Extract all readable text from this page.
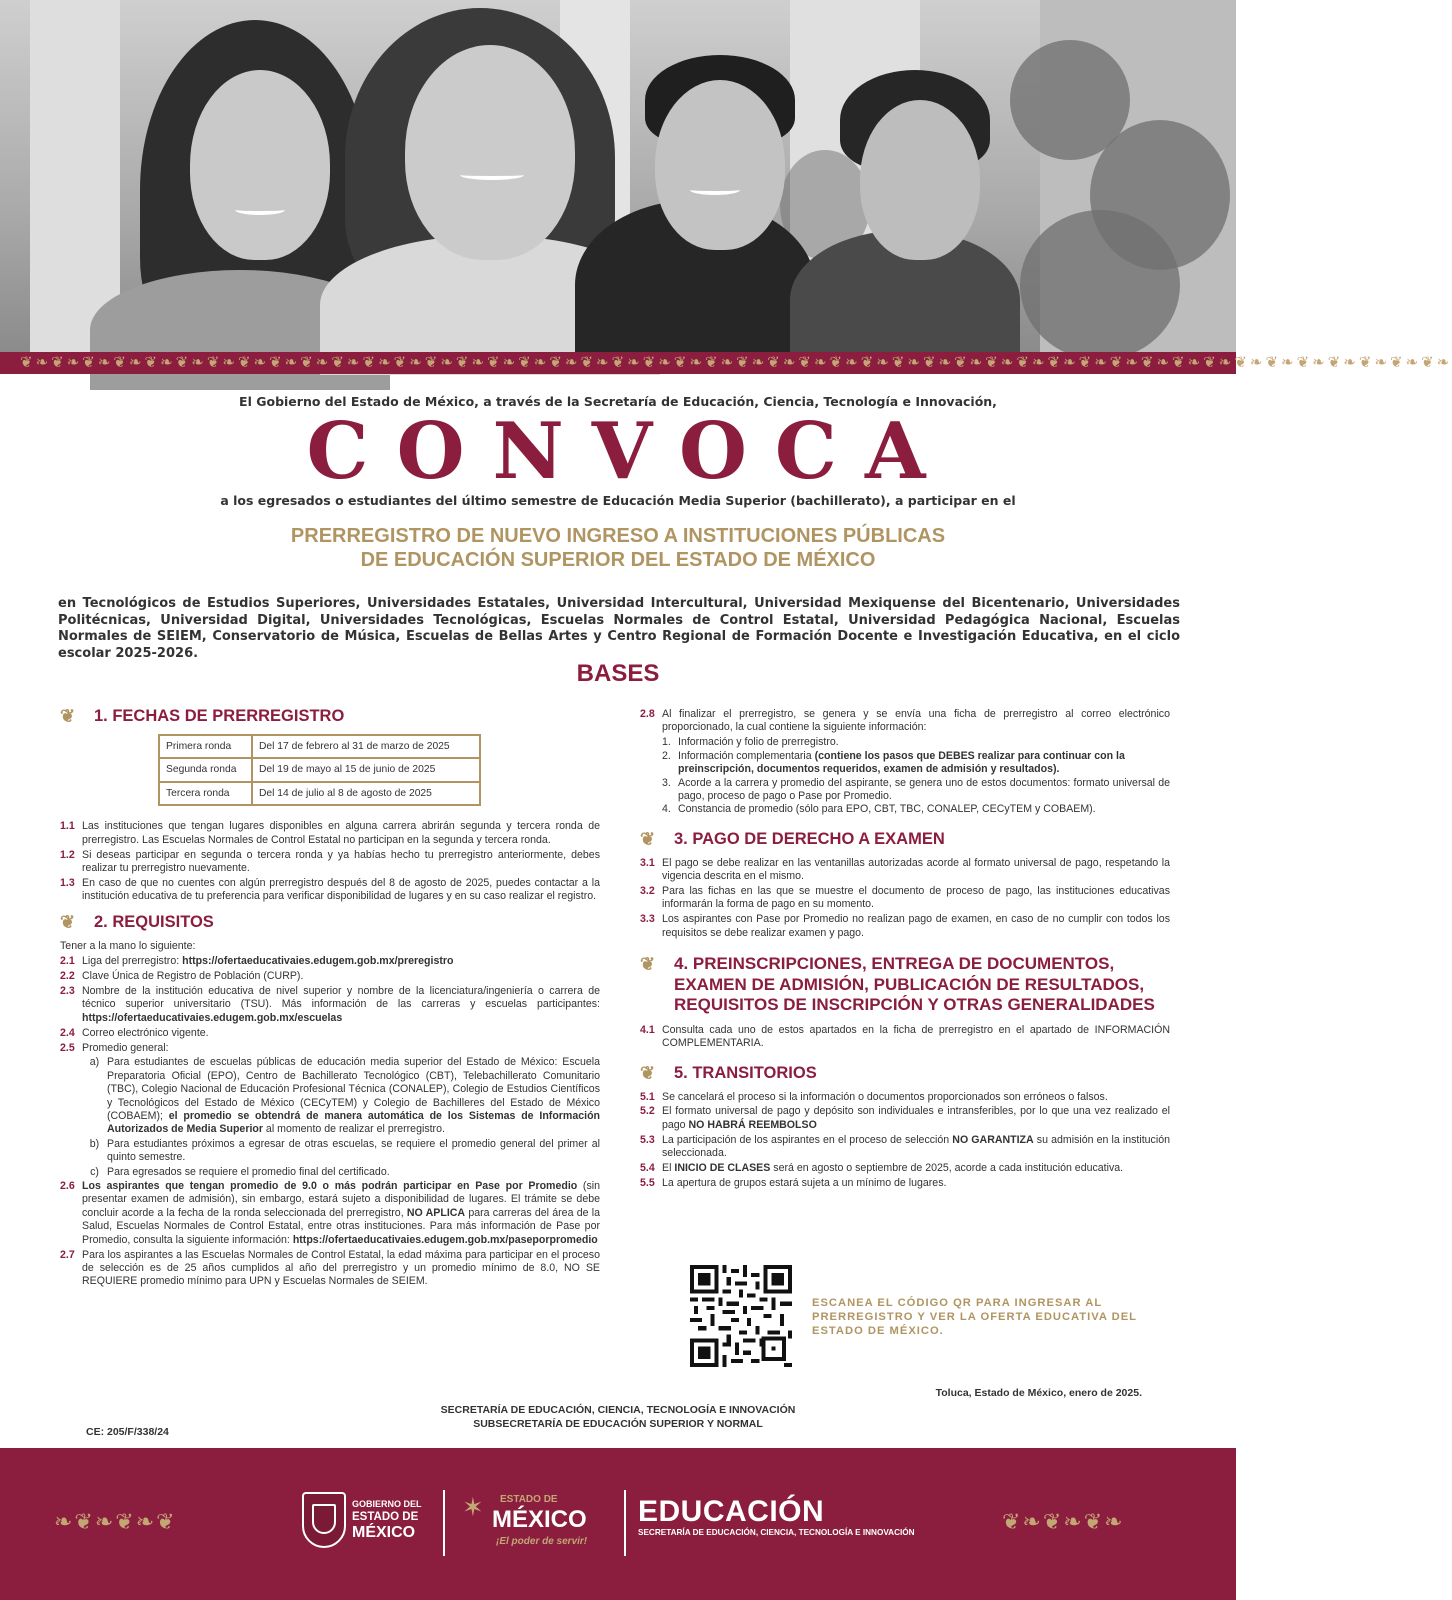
❦❧❦❧❦❧❦❧❦❧❦❧❦❧❦❧❦❧❦❧❦❧❦❧❦❧❦❧❦❧❦❧❦❧❦❧❦❧❦❧❦❧❦❧❦❧❦❧❦❧❦❧❦❧❦❧❦❧❦❧❦❧❦❧❦❧❦❧❦❧❦❧❦❧❦❧❦❧❦❧❦❧❦❧❦❧❦❧❦❧❦❧
El Gobierno del Estado de México, a través de la Secretaría de Educación, Ciencia, Tecnología e Innovación,
CONVOCA
a los egresados o estudiantes del último semestre de Educación Media Superior (bachillerato), a participar en el
PRERREGISTRO DE NUEVO INGRESO A INSTITUCIONES PÚBLICAS
DE EDUCACIÓN SUPERIOR DEL ESTADO DE MÉXICO
en Tecnológicos de Estudios Superiores, Universidades Estatales, Universidad Intercultural, Universidad Mexiquense del Bicentenario, Universidades Politécnicas, Universidad Digital, Universidades Tecnológicas, Escuelas Normales de Control Estatal, Universidad Pedagógica Nacional, Escuelas Normales de SEIEM, Conservatorio de Música, Escuelas de Bellas Artes y Centro Regional de Formación Docente e Investigación Educativa, en el ciclo escolar 2025-2026.
BASES
❦	1. FECHAS DE PRERREGISTRO
Primera ronda	Del 17 de febrero al 31 de marzo de 2025
Segunda ronda	Del 19 de mayo al 15 de junio de 2025
Tercera ronda	Del 14 de julio al 8 de agosto de 2025
1.1 Las instituciones que tengan lugares disponibles en alguna carrera abrirán segunda y tercera ronda de prerregistro. Las Escuelas Normales de Control Estatal no participan en la segunda y tercera ronda.
1.2 Si deseas participar en segunda o tercera ronda y ya habías hecho tu prerregistro anteriormente, debes realizar tu prerregistro nuevamente.
1.3 En caso de que no cuentes con algún prerregistro después del 8 de agosto de 2025, puedes contactar a la institución educativa de tu preferencia para verificar disponibilidad de lugares y en su caso realizar el registro.
❦	2. REQUISITOS
Tener a la mano lo siguiente:
2.1 Liga del prerregistro: https://ofertaeducativaies.edugem.gob.mx/preregistro
2.2 Clave Única de Registro de Población (CURP).
2.3 Nombre de la institución educativa de nivel superior y nombre de la licenciatura/ingeniería o carrera de técnico superior universitario (TSU). Más información de las carreras y escuelas participantes: https://ofertaeducativaies.edugem.gob.mx/escuelas
2.4 Correo electrónico vigente.
2.5 Promedio general:
a) Para estudiantes de escuelas públicas de educación media superior del Estado de México: Escuela Preparatoria Oficial (EPO), Centro de Bachillerato Tecnológico (CBT), Telebachillerato Comunitario (TBC), Colegio Nacional de Educación Profesional Técnica (CONALEP), Colegio de Estudios Científicos y Tecnológicos del Estado de México (CECyTEM) y Colegio de Bachilleres del Estado de México (COBAEM); el promedio se obtendrá de manera automática de los Sistemas de Información Autorizados de Media Superior al momento de realizar el prerregistro.
b) Para estudiantes próximos a egresar de otras escuelas, se requiere el promedio general del primer al quinto semestre.
c) Para egresados se requiere el promedio final del certificado.
2.6 Los aspirantes que tengan promedio de 9.0 o más podrán participar en Pase por Promedio (sin presentar examen de admisión), sin embargo, estará sujeto a disponibilidad de lugares. El trámite se debe concluir acorde a la fecha de la ronda seleccionada del prerregistro, NO APLICA para carreras del área de la Salud, Escuelas Normales de Control Estatal, entre otras instituciones. Para más información de Pase por Promedio, consulta la siguiente información: https://ofertaeducativaies.edugem.gob.mx/paseporpromedio
2.7 Para los aspirantes a las Escuelas Normales de Control Estatal, la edad máxima para participar en el proceso de selección es de 25 años cumplidos al año del prerregistro y un promedio mínimo de 8.0, NO SE REQUIERE promedio mínimo para UPN y Escuelas Normales de SEIEM.
2.8 Al finalizar el prerregistro, se genera y se envía una ficha de prerregistro al correo electrónico proporcionado, la cual contiene la siguiente información:
1. Información y folio de prerregistro.
2. Información complementaria (contiene los pasos que DEBES realizar para continuar con la preinscripción, documentos requeridos, examen de admisión y resultados).
3. Acorde a la carrera y promedio del aspirante, se genera uno de estos documentos: formato universal de pago, proceso de pago o Pase por Promedio.
4. Constancia de promedio (sólo para EPO, CBT, TBC, CONALEP, CECyTEM y COBAEM).
❦	3. PAGO DE DERECHO A EXAMEN
3.1 El pago se debe realizar en las ventanillas autorizadas acorde al formato universal de pago, respetando la vigencia descrita en el mismo.
3.2 Para las fichas en las que se muestre el documento de proceso de pago, las instituciones educativas informarán la forma de pago en su momento.
3.3 Los aspirantes con Pase por Promedio no realizan pago de examen, en caso de no cumplir con todos los requisitos se debe realizar examen y pago.
❦	4. PREINSCRIPCIONES, ENTREGA DE DOCUMENTOS, EXAMEN DE ADMISIÓN, PUBLICACIÓN DE RESULTADOS, REQUISITOS DE INSCRIPCIÓN Y OTRAS GENERALIDADES
4.1 Consulta cada uno de estos apartados en la ficha de prerregistro en el apartado de INFORMACIÓN COMPLEMENTARIA.
❦	5. TRANSITORIOS
5.1 Se cancelará el proceso si la información o documentos proporcionados son erróneos o falsos.
5.2 El formato universal de pago y depósito son individuales e intransferibles, por lo que una vez realizado el pago NO HABRÁ REEMBOLSO
5.3 La participación de los aspirantes en el proceso de selección NO GARANTIZA su admisión en la institución seleccionada.
5.4 El INICIO DE CLASES será en agosto o septiembre de 2025, acorde a cada institución educativa.
5.5 La apertura de grupos estará sujeta a un mínimo de lugares.
ESCANEA EL CÓDIGO QR PARA INGRESAR AL PRERREGISTRO Y VER LA OFERTA EDUCATIVA DEL ESTADO DE MÉXICO.
Toluca, Estado de México, enero de 2025.
SECRETARÍA DE EDUCACIÓN, CIENCIA, TECNOLOGÍA E INNOVACIÓN
SUBSECRETARÍA DE EDUCACIÓN SUPERIOR Y NORMAL
CE: 205/F/338/24
❧❦❧❦❧❦	❦❧❦❧❦❧
GOBIERNO DEL
ESTADO DE
MÉXICO
✶ ESTADO DE
MÉXICO
¡El poder de servir!
EDUCACIÓN
SECRETARÍA DE EDUCACIÓN, CIENCIA, TECNOLOGÍA E INNOVACIÓN
